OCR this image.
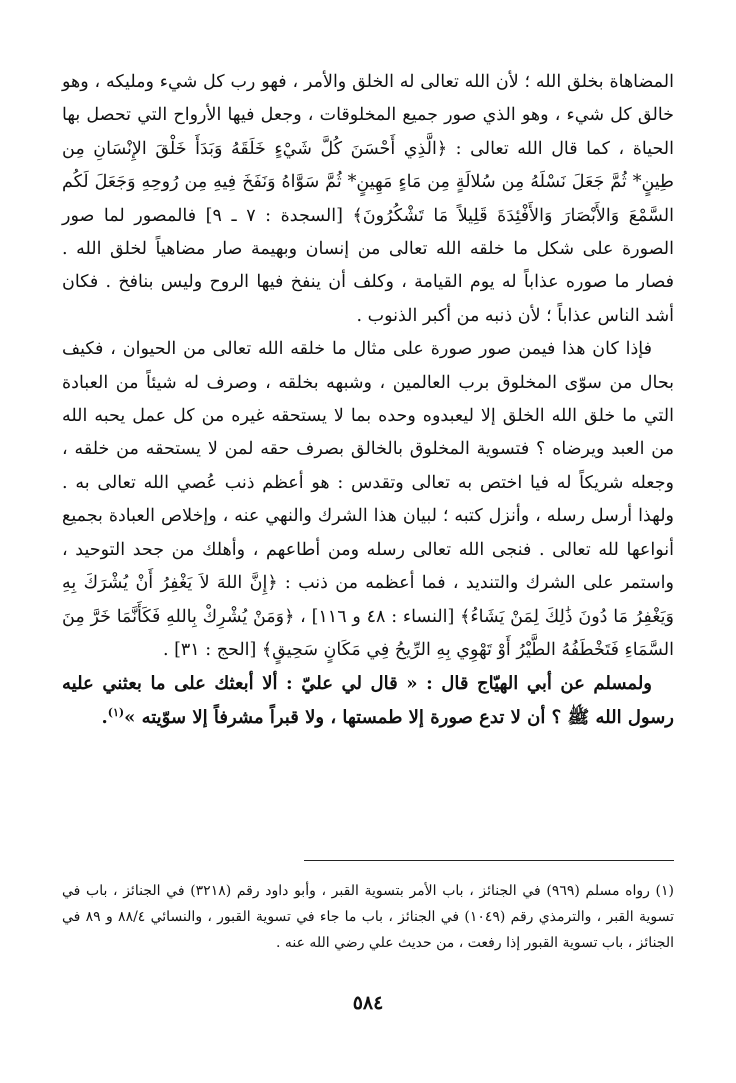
المضاهاة بخلق الله ؛ لأن الله تعالى له الخلق والأمر ، فهو رب كل شيء ومليكه ، وهو خالق كل شيء ، وهو الذي صور جميع المخلوقات ، وجعل فيها الأرواح التي تحصل بها الحياة ، كما قال الله تعالى : ﴿الَّذِي أَحْسَنَ كُلَّ شَيْءٍ خَلَقَهُ وَبَدَأَ خَلْقَ الإِنْسَانِ مِن طِينٍ* ثُمَّ جَعَلَ نَسْلَهُ مِن سُلالَةٍ مِن مَاءٍ مَهِينٍ* ثُمَّ سَوَّاهُ وَنَفَخَ فِيهِ مِن رُوحِهِ وَجَعَلَ لَكُم السَّمْعَ وَالأَبْصَارَ وَالأَفْئِدَةَ قَلِيلاً مَا تَشْكُرُونَ﴾ [السجدة : ٧ ـ ٩] فالمصور لما صور الصورة على شكل ما خلقه الله تعالى من إنسان وبهيمة صار مضاهياً لخلق الله . فصار ما صوره عذاباً له يوم القيامة ، وكلف أن ينفخ فيها الروح وليس بنافخ . فكان أشد الناس عذاباً ؛ لأن ذنبه من أكبر الذنوب .

فإذا كان هذا فيمن صور صورة على مثال ما خلقه الله تعالى من الحيوان ، فكيف بحال من سوّى المخلوق برب العالمين ، وشبهه بخلقه ، وصرف له شيئاً من العبادة التي ما خلق الله الخلق إلا ليعبدوه وحده بما لا يستحقه غيره من كل عمل يحبه الله من العبد ويرضاه ؟ فتسوية المخلوق بالخالق بصرف حقه لمن لا يستحقه من خلقه ، وجعله شريكاً له فيا اختص به تعالى وتقدس : هو أعظم ذنب عُصي الله تعالى به . ولهذا أرسل رسله ، وأنزل كتبه ؛ لبيان هذا الشرك والنهي عنه ، وإخلاص العبادة بجميع أنواعها لله تعالى . فنجى الله تعالى رسله ومن أطاعهم ، وأهلك من جحد التوحيد ، واستمر على الشرك والتنديد ، فما أعظمه من ذنب : ﴿إِنَّ اللهَ لاَ يَغْفِرُ أَنْ يُشْرَكَ بِهِ وَيَغْفِرُ مَا دُونَ ذَٰلِكَ لِمَنْ يَشَاءُ﴾ [النساء : ٤٨ و ١١٦] ، ﴿وَمَنْ يُشْرِكْ بِاللهِ فَكَأَنَّمَا خَرَّ مِنَ السَّمَاءِ فَتَخْطَفُهُ الطَّيْرُ أَوْ تَهْوِي بِهِ الرِّيحُ فِي مَكَانٍ سَحِيقٍ﴾ [الحج : ٣١] .

ولمسلم عن أبي الهيّاج قال : « قال لي عليّ : ألا أبعثك على ما بعثني عليه رسول الله ﷺ ؟ أن لا تدع صورة إلا طمستها ، ولا قبراً مشرفاً إلا سوّيته »$^{(١)}$.

(١) رواه مسلم (٩٦٩) في الجنائز ، باب الأمر بتسوية القبر ، وأبو داود رقم (٣٢١٨) في الجنائز ، باب في تسوية القبر ، والترمذي رقم (١٠٤٩) في الجنائز ، باب ما جاء في تسوية القبور ، والنسائي ٨٨/٤ و ٨٩ في الجنائز ، باب تسوية القبور إذا رفعت ، من حديث علي رضي الله عنه .

٥٨٤
